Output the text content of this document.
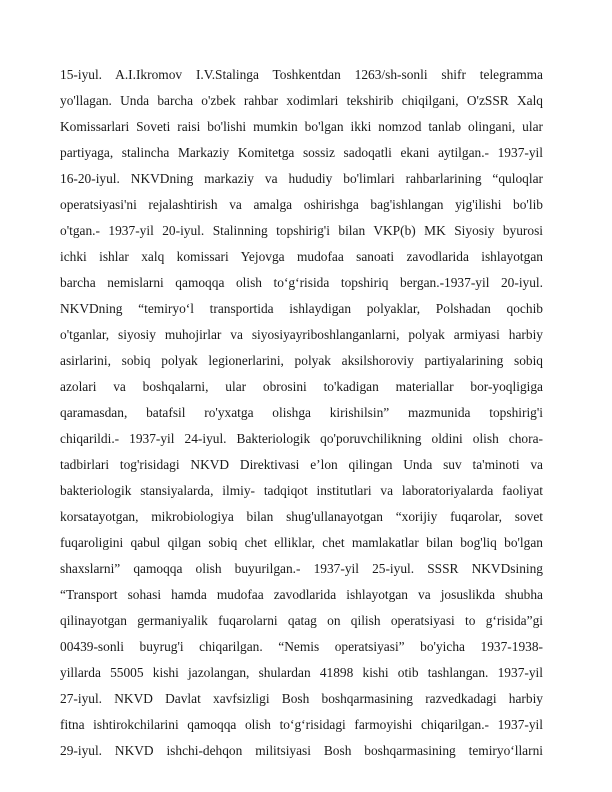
15-iyul. A.I.Ikromov I.V.Stalinga Toshkentdan 1263/sh-sonli shifr telegramma
yo'llagan. Unda barcha o'zbek rahbar xodimlari tekshirib chiqilgani, O'zSSR Xalq
Komissarlari Soveti raisi bo'lishi mumkin bo'lgan ikki nomzod tanlab olingani, ular
partiyaga, stalincha Markaziy Komitetga sossiz sadoqatli ekani aytilgan.- 1937-yil
16-20-iyul. NKVDning markaziy va hududiy bo'limlari rahbarlarining “quloqlar
operatsiyasi'ni rejalashtirish va amalga oshirishga bag'ishlangan yig'ilishi bo'lib
o'tgan.- 1937-yil 20-iyul. Stalinning topshirig'i bilan VKP(b) MK Siyosiy byurosi
ichki ishlar xalq komissari Yejovga mudofaa sanoati zavodlarida ishlayotgan
barcha nemislarni qamoqqa olish to‘g‘risida topshiriq bergan.-1937-yil 20-iyul.
NKVDning “temiryo‘l transportida ishlaydigan polyaklar, Polshadan qochib
o'tganlar, siyosiy muhojirlar va siyosiyayriboshlanganlarni, polyak armiyasi harbiy
asirlarini, sobiq polyak legionerlarini, polyak aksilshoroviy partiyalarining sobiq
azolari va boshqalarni, ular obrosini to'kadigan materiallar bor-yoqligiga
qaramasdan, batafsil ro'yxatga olishga kirishilsin” mazmunida topshirig'i
chiqarildi.- 1937-yil 24-iyul. Bakteriologik qo'poruvchilikning oldini olish chora-
tadbirlari tog'risidagi NKVD Direktivasi e’lon qilingan Unda suv ta'minoti va
bakteriologik stansiyalarda, ilmiy- tadqiqot institutlari va laboratoriyalarda faoliyat
korsatayotgan, mikrobiologiya bilan shug'ullanayotgan “xorijiy fuqarolar, sovet
fuqaroligini qabul qilgan sobiq chet elliklar, chet mamlakatlar bilan bog'liq bo'lgan
shaxslarni” qamoqqa olish buyurilgan.- 1937-yil 25-iyul. SSSR NKVDsining
“Transport sohasi hamda mudofaa zavodlarida ishlayotgan va josuslikda shubha
qilinayotgan germaniyalik fuqarolarni qatag on qilish operatsiyasi to g‘risida”gi
00439-sonli buyrug'i chiqarilgan. “Nemis operatsiyasi” bo'yicha 1937-1938-
yillarda 55005 kishi jazolangan, shulardan 41898 kishi otib tashlangan. 1937-yil
27-iyul. NKVD Davlat xavfsizligi Bosh boshqarmasining razvedkadagi harbiy
fitna ishtirokchilarini qamoqqa olish to‘g‘risidagi farmoyishi chiqarilgan.- 1937-yil
29-iyul. NKVD ishchi-dehqon militsiyasi Bosh boshqarmasining temiryo‘llarni
